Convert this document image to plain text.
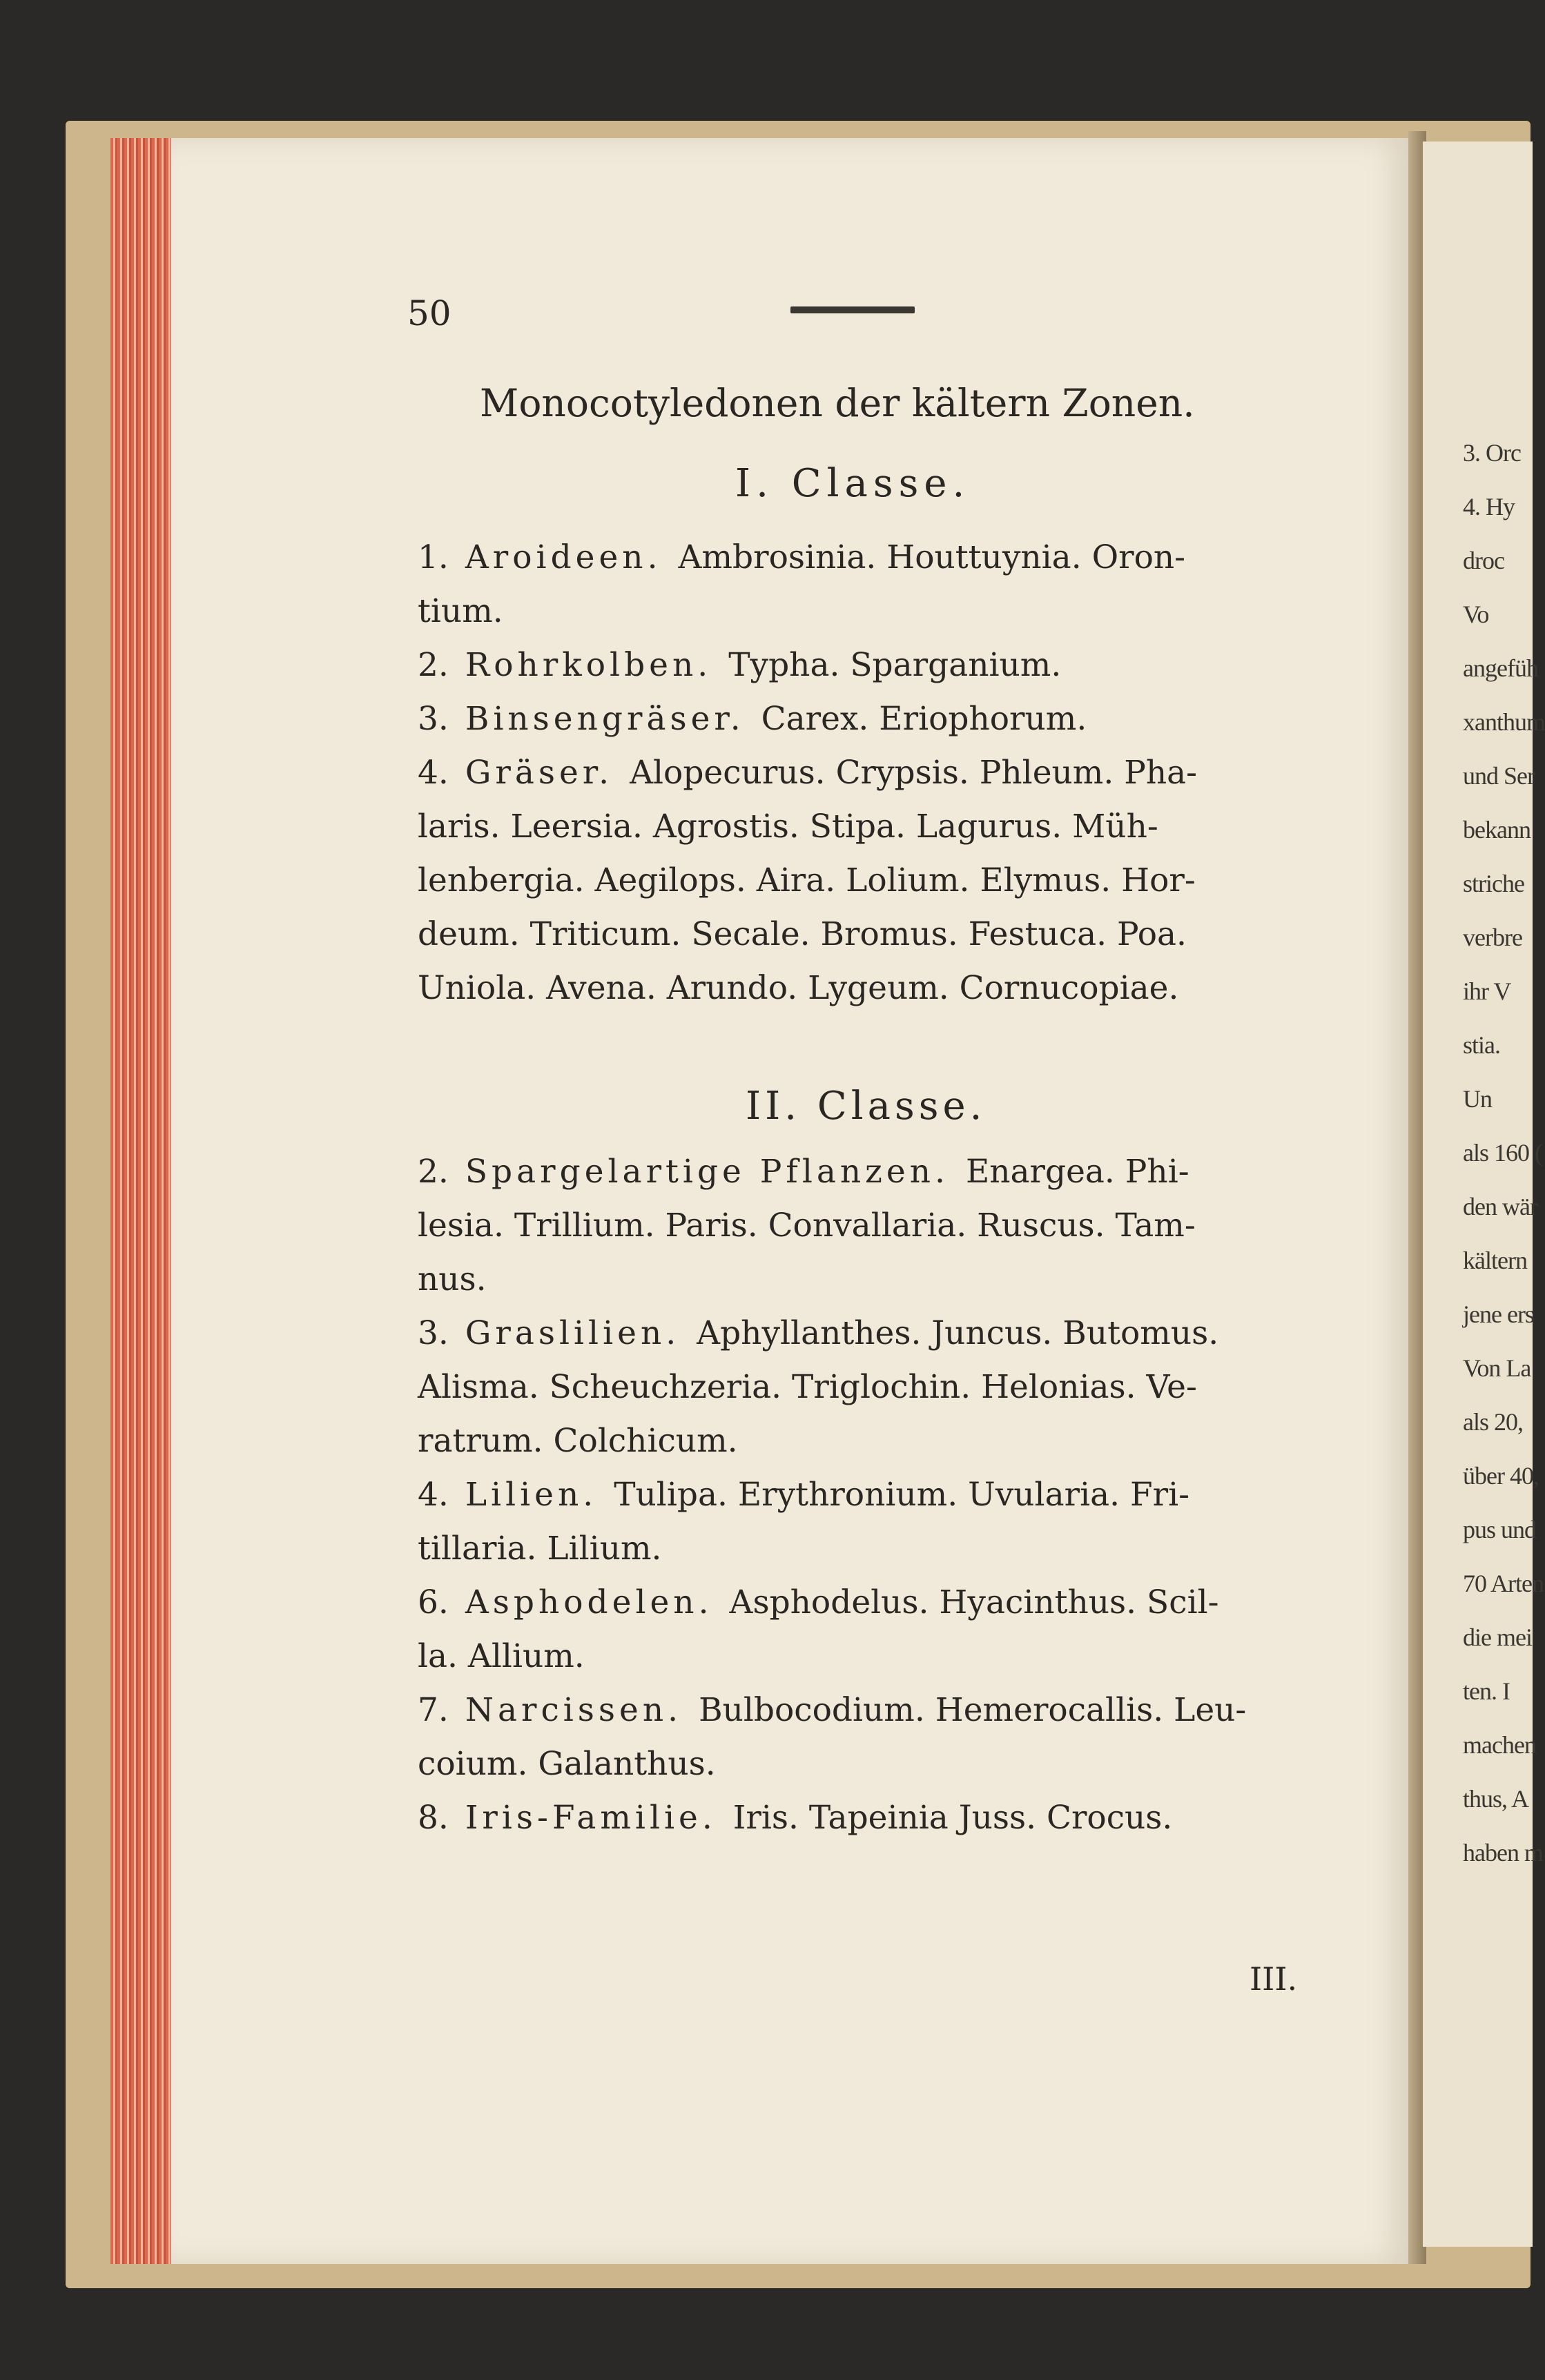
3. Orc
4. Hy
droc
Vo
angefüh
xanthum
und Ser
bekann
striche
verbre
ihr V
stia.
Un
als 160 (
den wär
kältern
jene ers
Von La
als 20,
über 40,
pus und
70 Arten
die mei
ten. I
machen
thus, A
haben m
50
Monocotyledonen der kältern Zonen.
I. Classe.
II. Classe.
1. Aroideen. Ambrosinia. Houttuynia. Oron-
tium.
2. Rohrkolben. Typha. Sparganium.
3. Binsengräser. Carex. Eriophorum.
4. Gräser. Alopecurus. Crypsis. Phleum. Pha-
laris. Leersia. Agrostis. Stipa. Lagurus. Müh-
lenbergia. Aegilops. Aira. Lolium. Elymus. Hor-
deum. Triticum. Secale. Bromus. Festuca. Poa.
Uniola. Avena. Arundo. Lygeum. Cornucopiae.
2. Spargelartige Pflanzen. Enargea. Phi-
lesia. Trillium. Paris. Convallaria. Ruscus. Tam-
nus.
3. Graslilien. Aphyllanthes. Juncus. Butomus.
Alisma. Scheuchzeria. Triglochin. Helonias. Ve-
ratrum. Colchicum.
4. Lilien. Tulipa. Erythronium. Uvularia. Fri-
tillaria. Lilium.
6. Asphodelen. Asphodelus. Hyacinthus. Scil-
la. Allium.
7. Narcissen. Bulbocodium. Hemerocallis. Leu-
coium. Galanthus.
8. Iris-Familie. Iris. Tapeinia Juss. Crocus.
III.
